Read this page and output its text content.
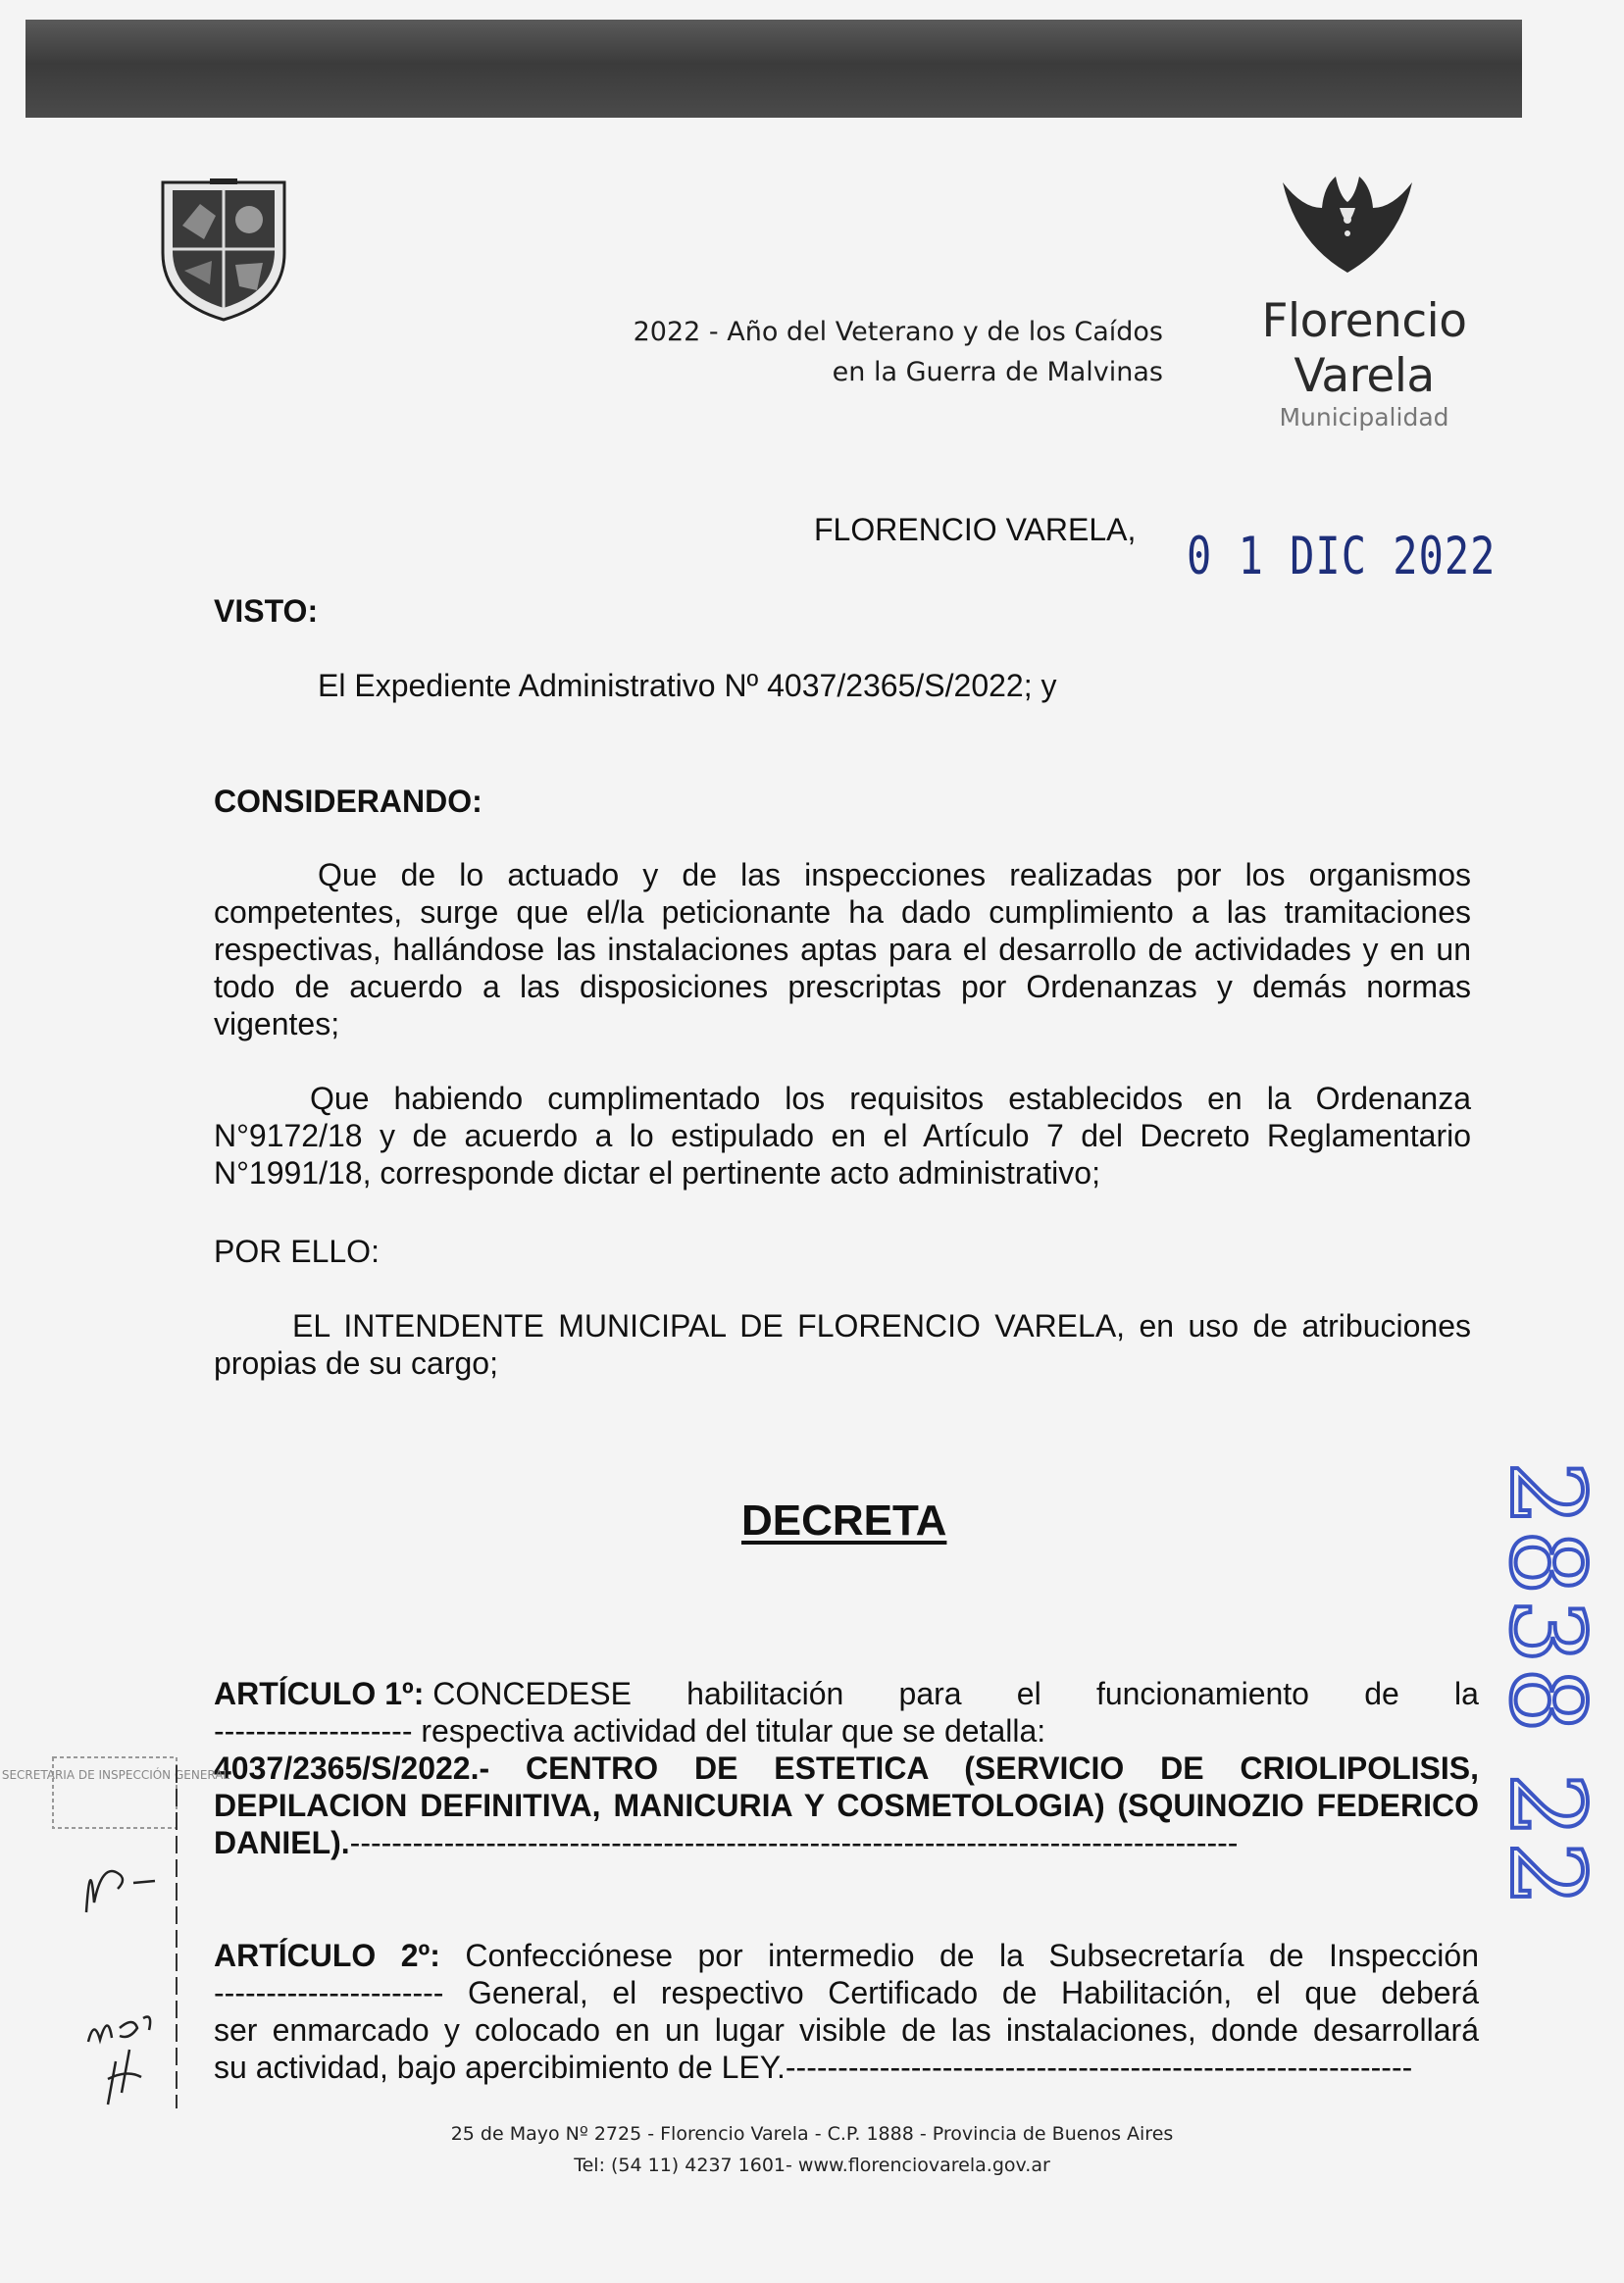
2022 - Año del Veterano y de los Caídos
en la Guerra de Malvinas
Florencio Varela
Municipalidad
FLORENCIO VARELA, 0 1 DIC 2022
VISTO:
El Expediente Administrativo Nº 4037/2365/S/2022; y
CONSIDERANDO:
Que de lo actuado y de las inspecciones realizadas por los organismos competentes, surge que el/la peticionante ha dado cumplimiento a las tramitaciones respectivas, hallándose las instalaciones aptas para el desarrollo de actividades y en un todo de acuerdo a las disposiciones prescriptas por Ordenanzas y demás normas vigentes;
Que habiendo cumplimentado los requisitos establecidos en la Ordenanza N°9172/18 y de acuerdo a lo estipulado en el Artículo 7 del Decreto Reglamentario N°1991/18, corresponde dictar el pertinente acto administrativo;
POR ELLO:
EL INTENDENTE MUNICIPAL DE FLORENCIO VARELA, en uso de atribuciones propias de su cargo;
DECRETA
ARTÍCULO 1º: CONCEDESE habilitación para el funcionamiento de la

------------------- respectiva actividad del titular que se detalla:

4037/2365/S/2022.- CENTRO DE ESTETICA (SERVICIO DE CRIOLIPOLISIS, DEPILACION DEFINITIVA, MANICURIA Y COSMETOLOGIA) (SQUINOZIO FEDERICO DANIEL).-------------------------------------------------------------------------------------

ARTÍCULO 2º: Confecciónese por intermedio de la Subsecretaría de Inspección

---------------------- General, el respectivo Certificado de Habilitación, el que deberá

ser enmarcado y colocado en un lugar visible de las instalaciones, donde desarrollará

su actividad, bajo apercibimiento de LEY.------------------------------------------------------------

2838 22
SECRETARIA DE INSPECCIÓN GENERAL
25 de Mayo Nº 2725 - Florencio Varela - C.P. 1888 - Provincia de Buenos Aires
Tel: (54 11) 4237 1601- www.florenciovarela.gov.ar
